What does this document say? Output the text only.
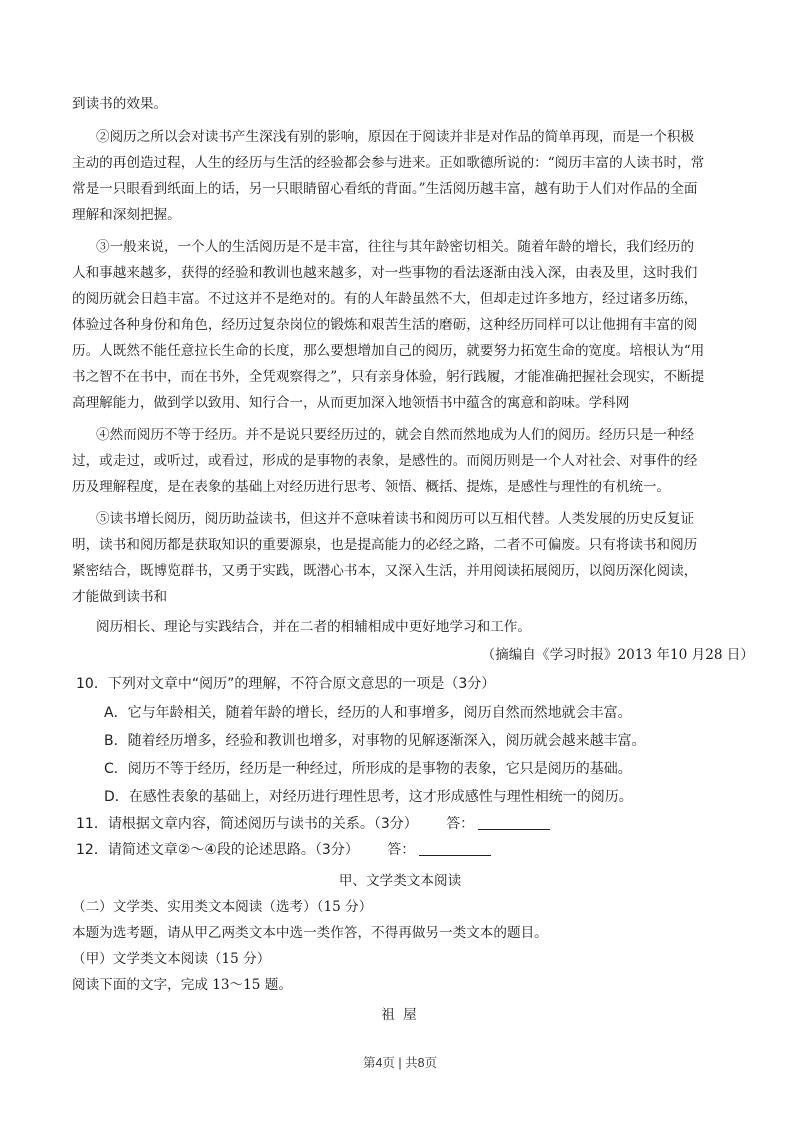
到读书的效果。
②阅历之所以会对读书产生深浅有别的影响，原因在于阅读并非是对作品的简单再现，而是一个积极
主动的再创造过程，人生的经历与生活的经验都会参与进来。正如歌德所说的：“阅历丰富的人读书时，常
常是一只眼看到纸面上的话，另一只眼睛留心看纸的背面。”生活阅历越丰富，越有助于人们对作品的全面
理解和深刻把握。
③一般来说，一个人的生活阅历是不是丰富，往往与其年龄密切相关。随着年龄的增长，我们经历的
人和事越来越多，获得的经验和教训也越来越多，对一些事物的看法逐渐由浅入深，由表及里，这时我们
的阅历就会日趋丰富。不过这并不是绝对的。有的人年龄虽然不大，但却走过许多地方，经过诸多历练，
体验过各种身份和角色，经历过复杂岗位的锻炼和艰苦生活的磨砺，这种经历同样可以让他拥有丰富的阅
历。人既然不能任意拉长生命的长度，那么要想增加自己的阅历，就要努力拓宽生命的宽度。培根认为“用
书之智不在书中，而在书外，全凭观察得之”，只有亲身体验，躬行践履，才能准确把握社会现实，不断提
高理解能力，做到学以致用、知行合一，从而更加深入地领悟书中蕴含的寓意和韵味。学科网
④然而阅历不等于经历。并不是说只要经历过的，就会自然而然地成为人们的阅历。经历只是一种经
过，或走过，或听过，或看过，形成的是事物的表象，是感性的。而阅历则是一个人对社会、对事件的经
历及理解程度，是在表象的基础上对经历进行思考、领悟、概括、提炼，是感性与理性的有机统一。
⑤读书增长阅历，阅历助益读书，但这并不意味着读书和阅历可以互相代替。人类发展的历史反复证
明，读书和阅历都是获取知识的重要源泉，也是提高能力的必经之路，二者不可偏废。只有将读书和阅历
紧密结合，既博览群书，又勇于实践，既潜心书本，又深入生活，并用阅读拓展阅历，以阅历深化阅读，
才能做到读书和
阅历相长、理论与实践结合，并在二者的相辅相成中更好地学习和工作。
（摘编自《学习时报》2013 年10 月28 日）
10．下列对文章中“阅历”的理解，不符合原文意思的一项是（3分）
A．它与年龄相关，随着年龄的增长，经历的人和事增多，阅历自然而然地就会丰富。
B．随着经历增多，经验和教训也增多，对事物的见解逐渐深入，阅历就会越来越丰富。
C．阅历不等于经历，经历是一种经过，所形成的是事物的表象，它只是阅历的基础。
D．在感性表象的基础上，对经历进行理性思考，这才形成感性与理性相统一的阅历。
11．请根据文章内容，简述阅历与读书的关系。（3分） 答：
12．请简述文章②～④段的论述思路。（3分） 答：
甲、文学类文本阅读
（二）文学类、实用类文本阅读（选考）（15 分）
本题为选考题，请从甲乙两类文本中选一类作答，不得再做另一类文本的题目。
（甲）文学类文本阅读（15 分）
阅读下面的文字，完成 13～15 题。
祖 屋
第4页 | 共8页
